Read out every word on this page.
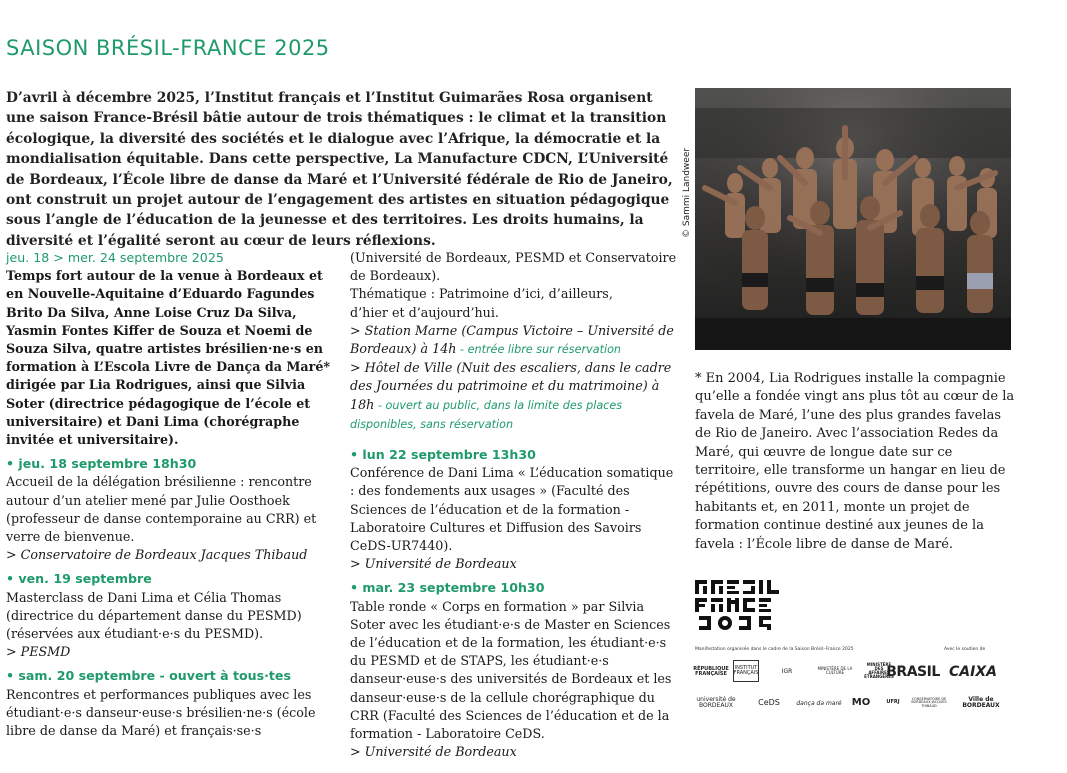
SAISON BRÉSIL-FRANCE 2025

D’avril à décembre 2025, l’Institut français et l’Institut Guimarães Rosa organisent une saison France-Brésil bâtie autour de trois thématiques : le climat et la transition écologique, la diversité des sociétés et le dialogue avec l’Afrique, la démocratie et la mondialisation équitable. Dans cette perspective, La Manufacture CDCN, L’Université de Bordeaux, l’École libre de danse da Maré et l’Université fédérale de Rio de Janeiro, ont construit un projet autour de l’engagement des artistes en situation pédagogique sous l’angle de l’éducation de la jeunesse et des territoires. Les droits humains, la diversité et l’égalité seront au cœur de leurs réflexions.

jeu. 18 > mer. 24 septembre 2025
Temps fort autour de la venue à Bordeaux et en Nouvelle-Aquitaine d’Eduardo Fagundes Brito Da Silva, Anne Loise Cruz Da Silva, Yasmin Fontes Kiffer de Souza et Noemi de Souza Silva, quatre artistes brésilien·ne·s en formation à L’Escola Livre de Dança da Maré* dirigée par Lia Rodrigues, ainsi que Silvia Soter (directrice pédagogique de l’école et universitaire) et Dani Lima (chorégraphe invitée et universitaire).
• jeu. 18 septembre 18h30
Accueil de la délégation brésilienne : rencontre autour d’un atelier mené par Julie Oosthoek (professeur de danse contemporaine au CRR) et verre de bienvenue.
> Conservatoire de Bordeaux Jacques Thibaud
• ven. 19 septembre
Masterclass de Dani Lima et Célia Thomas (directrice du département danse du PESMD) (réservées aux étudiant·e·s du PESMD).
> PESMD
• sam. 20 septembre - ouvert à tous·tes
Rencontres et performances publiques avec les étudiant·e·s danseur·euse·s brésilien·ne·s (école libre de danse da Maré) et français·se·s
(Université de Bordeaux, PESMD et Conservatoire de Bordeaux).
Thématique : Patrimoine d’ici, d’ailleurs,
d’hier et d’aujourd’hui.
> Station Marne (Campus Victoire – Université de Bordeaux) à 14h - entrée libre sur réservation
> Hôtel de Ville (Nuit des escaliers, dans le cadre des Journées du patrimoine et du matrimoine) à 18h - ouvert au public, dans la limite des places disponibles, sans réservation
• lun 22 septembre 13h30
Conférence de Dani Lima « L’éducation somatique : des fondements aux usages » (Faculté des Sciences de l’éducation et de la formation - Laboratoire Cultures et Diffusion des Savoirs CeDS-UR7440).
> Université de Bordeaux
• mar. 23 septembre 10h30
Table ronde « Corps en formation » par Silvia Soter avec les étudiant·e·s de Master en Sciences de l’éducation et de la formation, les étudiant·e·s du PESMD et de STAPS, les étudiant·e·s danseur·euse·s des universités de Bordeaux et les danseur·euse·s de la cellule chorégraphique du CRR (Faculté des Sciences de l’éducation et de la formation - Laboratoire CeDS.
> Université de Bordeaux
© Sammi Landweer

* En 2004, Lia Rodrigues installe la compagnie qu’elle a fondée vingt ans plus tôt au cœur de la favela de Maré, l’une des plus grandes favelas de Rio de Janeiro. Avec l’association Redes da Maré, qui œuvre de longue date sur ce territoire, elle transforme un hangar en lieu de répétitions, ouvre des cours de danse pour les habitants et, en 2011, monte un projet de formation continue destiné aux jeunes de la favela : l’École libre de danse de Maré.

Manifestation organisée dans le cadre de la Saison Brésil–France 2025	Avec le soutien de
RÉPUBLIQUE FRANÇAISE
INSTITUT FRANÇAIS	IGR	MINISTÈRE DE LA CULTURE
MINISTÈRE DES AFFAIRES ÉTRANGÈRES
BRASIL CAIXA
université de BORDEAUX	CeDS	dança da maré	MO	UFRJ
CONSERVATOIRE DE BORDEAUX JACQUES THIBAUD
Ville de BORDEAUX
